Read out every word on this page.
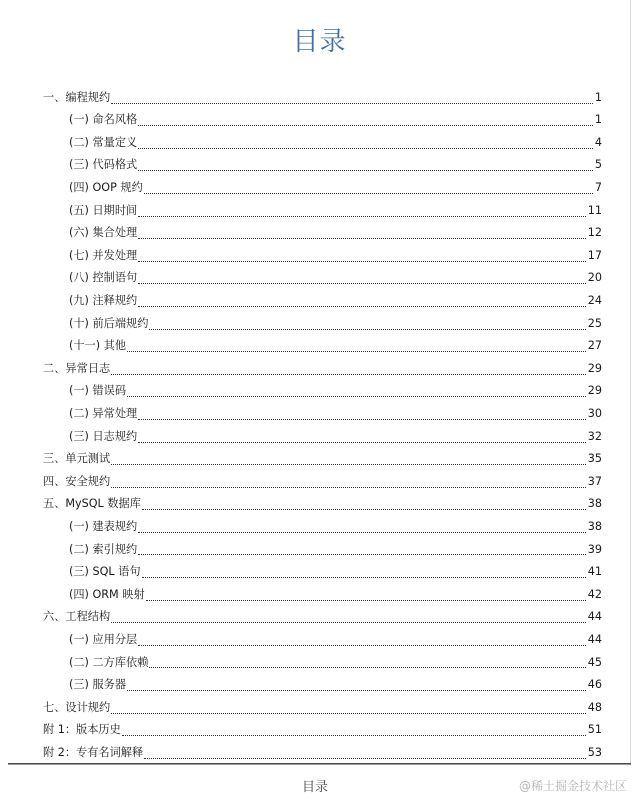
目录
一、编程规约	1
(一) 命名风格	1
(二) 常量定义	4
(三) 代码格式	5
(四) OOP 规约	7
(五) 日期时间	11
(六) 集合处理	12
(七) 并发处理	17
(八) 控制语句	20
(九) 注释规约	24
(十) 前后端规约	25
(十一) 其他	27
二、异常日志	29
(一) 错误码	29
(二) 异常处理	30
(三) 日志规约	32
三、单元测试	35
四、安全规约	37
五、MySQL 数据库	38
(一) 建表规约	38
(二) 索引规约	39
(三) SQL 语句	41
(四) ORM 映射	42
六、工程结构	44
(一) 应用分层	44
(二) 二方库依赖	45
(三) 服务器	46
七、设计规约	48
附 1：版本历史	51
附 2：专有名词解释	53
目录	@稀土掘金技术社区
